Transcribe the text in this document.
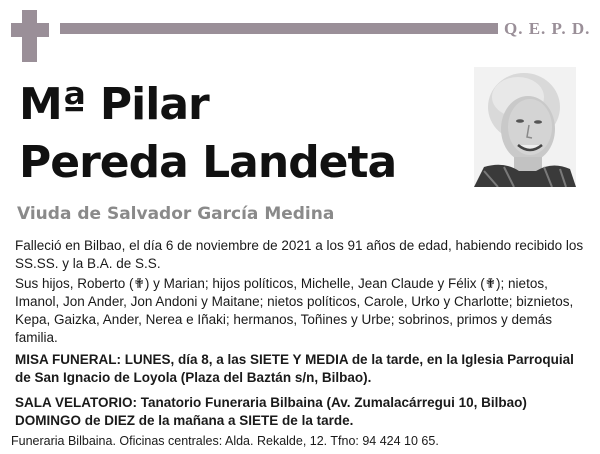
Q. E. P. D.
Mª Pilar
Pereda Landeta
Viuda de Salvador García Medina

Falleció en Bilbao, el día 6 de noviembre de 2021 a los 91 años de edad, habiendo recibido los SS.SS. y la B.A. de S.S.

Sus hijos, Roberto (✟) y Marian; hijos políticos, Michelle, Jean Claude y Félix (✟); nietos, Imanol, Jon Ander, Jon Andoni y Maitane; nietos políticos, Carole, Urko y Charlotte; biznietos, Kepa, Gaizka, Ander, Nerea e Iñaki; hermanos, Toñines y Urbe; sobrinos, primos y demás familia.

MISA FUNERAL: LUNES, día 8, a las SIETE Y MEDIA de la tarde, en la Iglesia Parroquial de San Ignacio de Loyola (Plaza del Baztán s/n, Bilbao).

SALA VELATORIO: Tanatorio Funeraria Bilbaina (Av. Zumalacárregui 10, Bilbao) DOMINGO de DIEZ de la mañana a SIETE de la tarde.

Funeraria Bilbaina. Oficinas centrales: Alda. Rekalde, 12. Tfno: 94 424 10 65.
